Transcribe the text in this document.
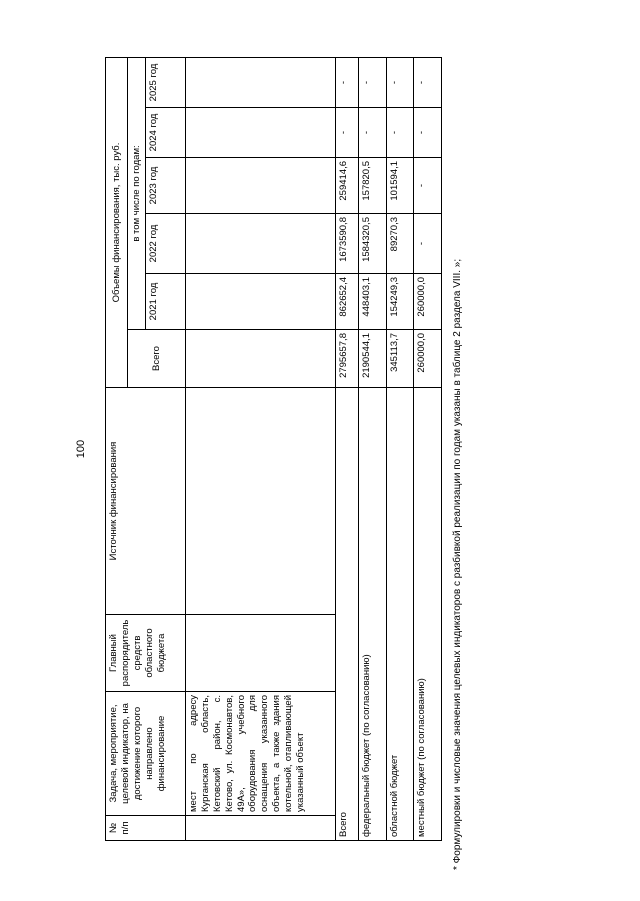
100
№ п/п	Задача, мероприятие, целевой индикатор, на достижение которого направлено финансирование	Главный распорядитель средств областного бюджета	Источник финансирования	Объемы финансирования, тыс. руб.					
				Всего	в том числе по годам:				
					2021 год	2022 год	2023 год	2024 год	2025 год
	мест по адресу Курганская область, Кетовский район, с. Кетово, ул. Космонавтов, 49А», учебного оборудования для оснащения указанного объекта, а также здания котельной, отапливающей указанный объект								
Всего				2795657,8	862652,4	1673590,8	259414,6	-	-
федеральный бюджет (по согласованию)				2190544,1	448403,1	1584320,5	157820,5	-	-
областной бюджет				345113,7	154249,3	89270,3	101594,1	-	-
местный бюджет (по согласованию)				260000,0	260000,0	-	-	-	-
* Формулировки и числовые значения целевых индикаторов с разбивкой реализации по годам указаны в таблице 2 раздела VIII. »;
